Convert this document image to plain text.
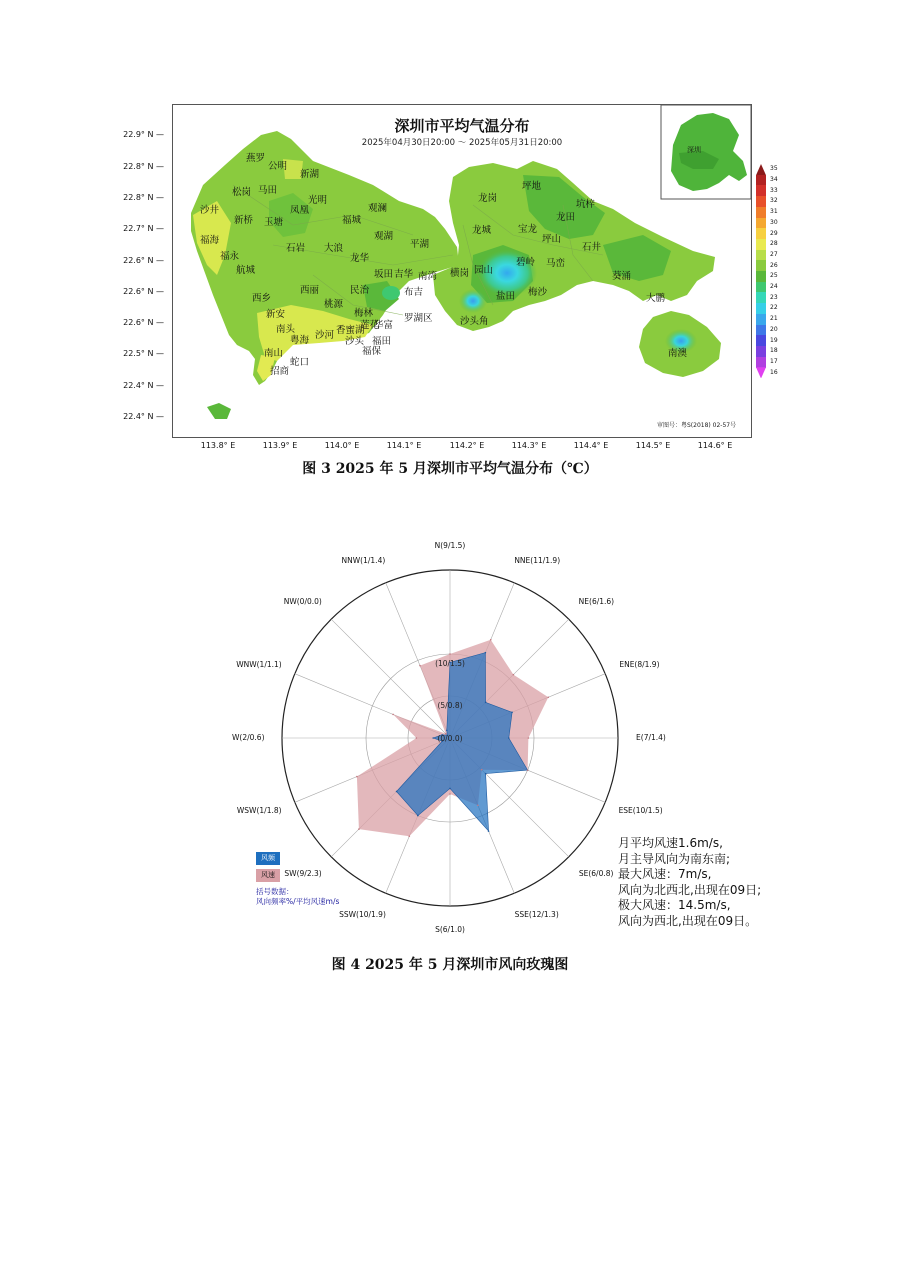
审图号：粤S(2018) 02-57号
深圳市平均气温分布
2025年04月30日20:00 ～ 2025年05月31日20:00
深圳
燕罗
公明
新湖
松岗 马田
光明
凤凰	观澜
沙井
新桥 玉塘	福城
观湖
福海
石岩 大浪
龙华
平湖
福永
航城	坂田 吉华 南湾
西丽	民治	布吉
西乡
桃源
新安	梅林
南头
粤海 沙河 香蜜湖
莲花
华富
罗湖区
南山
沙头 福田
蛇口
福保
招商
龙岗
坪地
坑梓
龙田
宝龙
龙城
坪山
石井
横岗 园山
碧岭 马峦
葵涌
盐田 梅沙
大鹏
沙头角
南澳
22.9° N —
22.8° N —
22.8° N —
22.7° N —
22.6° N —
22.6° N —
22.6° N —
22.5° N —
22.4° N —
22.4° N —
113.8° E	113.9° E	114.0° E	114.1° E	114.2° E	114.3° E	114.4° E	114.5° E	114.6° E
35
34
33
32
31
30
29
28
27
26
25
24
23
22
21
20
19
18
17
16
图 3 2025 年 5 月深圳市平均气温分布（℃）
(10/1.5)
(5/0.8)
(0/0.0)
N(9/1.5)
NNE(11/1.9)
NE(6/1.6)
ENE(8/1.9)
E(7/1.4)
ESE(10/1.5)
SE(6/0.8)
SSE(12/1.3)
S(6/1.0)
SSW(10/1.9)
SW(9/2.3)
WSW(1/1.8)
W(2/0.6)
WNW(1/1.1)
NW(0/0.0)
NNW(1/1.4)
风频
风速
括号数据：
风向频率%/平均风速m/s
月平均风速1.6m/s,
月主导风向为南东南;
最大风速：7m/s,
风向为北西北,出现在09日;
极大风速：14.5m/s,
风向为西北,出现在09日。
图 4 2025 年 5 月深圳市风向玫瑰图
